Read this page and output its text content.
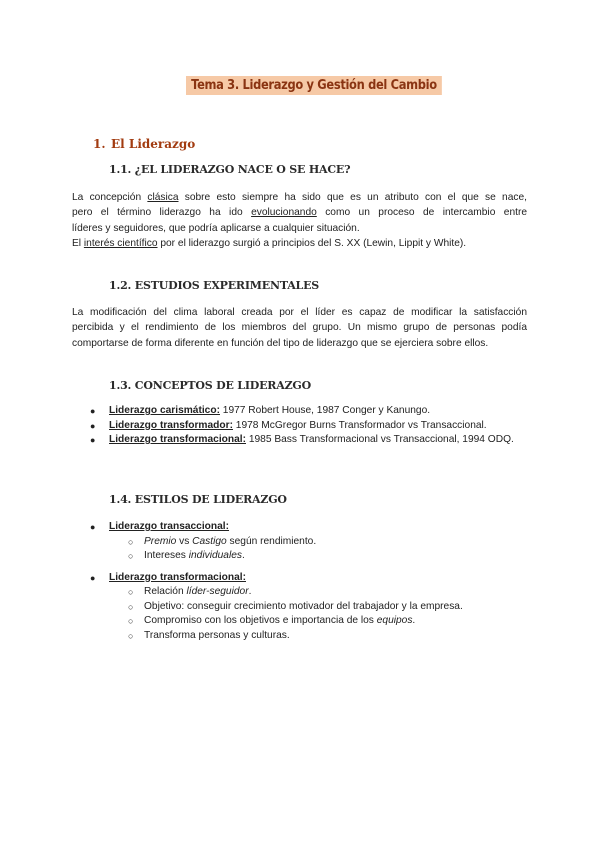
Tema 3. Liderazgo y Gestión del Cambio
1. El Liderazgo
1.1. ¿EL LIDERAZGO NACE O SE HACE?
La concepción clásica sobre esto siempre ha sido que es un atributo con el que se nace,
pero el término liderazgo ha ido evolucionando como un proceso de intercambio entre
líderes y seguidores, que podría aplicarse a cualquier situación.
El interés científico por el liderazgo surgió a principios del S. XX (Lewin, Lippit y White).
1.2. ESTUDIOS EXPERIMENTALES
La modificación del clima laboral creada por el líder es capaz de modificar la satisfacción
percibida y el rendimiento de los miembros del grupo. Un mismo grupo de personas podía
comportarse de forma diferente en función del tipo de liderazgo que se ejerciera sobre ellos.
1.3. CONCEPTOS DE LIDERAZGO
● Liderazgo carismático: 1977 Robert House, 1987 Conger y Kanungo.
● Liderazgo transformador: 1978 McGregor Burns Transformador vs Transaccional.
● Liderazgo transformacional: 1985 Bass Transformacional vs Transaccional, 1994 ODQ.
1.4. ESTILOS DE LIDERAZGO
● Liderazgo transaccional:
○ Premio vs Castigo según rendimiento.
○ Intereses individuales.
● Liderazgo transformacional:
○ Relación líder-seguidor.
○ Objetivo: conseguir crecimiento motivador del trabajador y la empresa.
○ Compromiso con los objetivos e importancia de los equipos.
○ Transforma personas y culturas.
